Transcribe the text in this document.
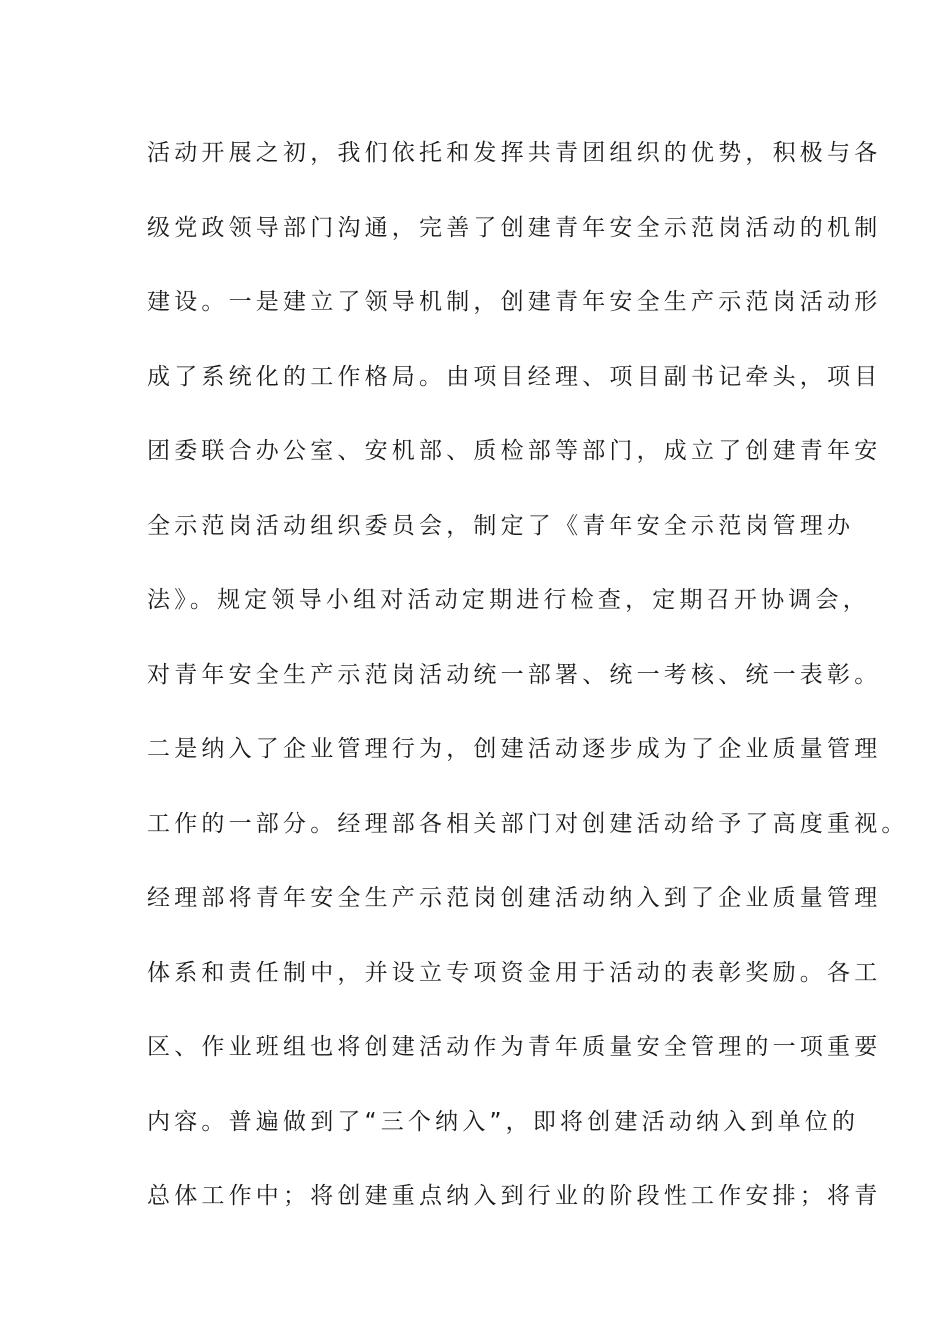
活动开展之初，我们依托和发挥共青团组织的优势，积极与各

级党政领导部门沟通，完善了创建青年安全示范岗活动的机制

建设。一是建立了领导机制，创建青年安全生产示范岗活动形

成了系统化的工作格局。由项目经理、项目副书记牵头，项目

团委联合办公室、安机部、质检部等部门，成立了创建青年安

全示范岗活动组织委员会，制定了《青年安全示范岗管理办

法》。规定领导小组对活动定期进行检查，定期召开协调会，

对青年安全生产示范岗活动统一部署、统一考核、统一表彰。

二是纳入了企业管理行为，创建活动逐步成为了企业质量管理

工作的一部分。经理部各相关部门对创建活动给予了高度重视。

经理部将青年安全生产示范岗创建活动纳入到了企业质量管理

体系和责任制中，并设立专项资金用于活动的表彰奖励。各工

区、作业班组也将创建活动作为青年质量安全管理的一项重要

内容。普遍做到了“三个纳入”，即将创建活动纳入到单位的

总体工作中；将创建重点纳入到行业的阶段性工作安排；将青
